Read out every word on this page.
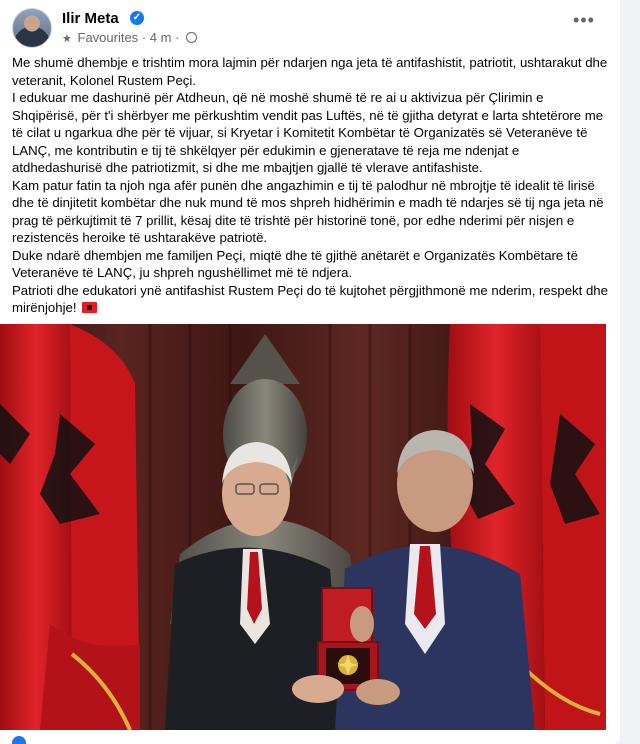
Ilir Meta ✓
★ Favourites · 4 m ·
•••

Me shumë dhembje e trishtim mora lajmin për ndarjen nga jeta të antifashistit, patriotit, ushtarakut dhe veteranit, Kolonel Rustem Peçi.

I edukuar me dashurinë për Atdheun, që në moshë shumë të re ai u aktivizua për Çlirimin e Shqipërisë, për t'i shërbyer me përkushtim vendit pas Luftës, në të gjitha detyrat e larta shtetërore me të cilat u ngarkua dhe për të vijuar, si Kryetar i Komitetit Kombëtar të Organizatës së Veteranëve të LANÇ, me kontributin e tij të shkëlqyer për edukimin e gjeneratave të reja me ndenjat e atdhedashurisë dhe patriotizmit, si dhe me mbajtjen gjallë të vlerave antifashiste.

Kam patur fatin ta njoh nga afër punën dhe angazhimin e tij të palodhur në mbrojtje të idealit të lirisë dhe të dinjitetit kombëtar dhe nuk mund të mos shpreh hidhërimin e madh të ndarjes së tij nga jeta në prag të përkujtimit të 7 prillit, kësaj dite të trishtë për historinë tonë, por edhe nderimi për nisjen e rezistencës heroike të ushtarakëve patriotë.

Duke ndarë dhembjen me familjen Peçi, miqtë dhe të gjithë anëtarët e Organizatës Kombëtare të Veteranëve të LANÇ, ju shpreh ngushëllimet më të ndjera.

Patrioti dhe edukatori ynë antifashist Rustem Peçi do të kujtohet përgjithmonë me nderim, respekt dhe mirënjohje!
